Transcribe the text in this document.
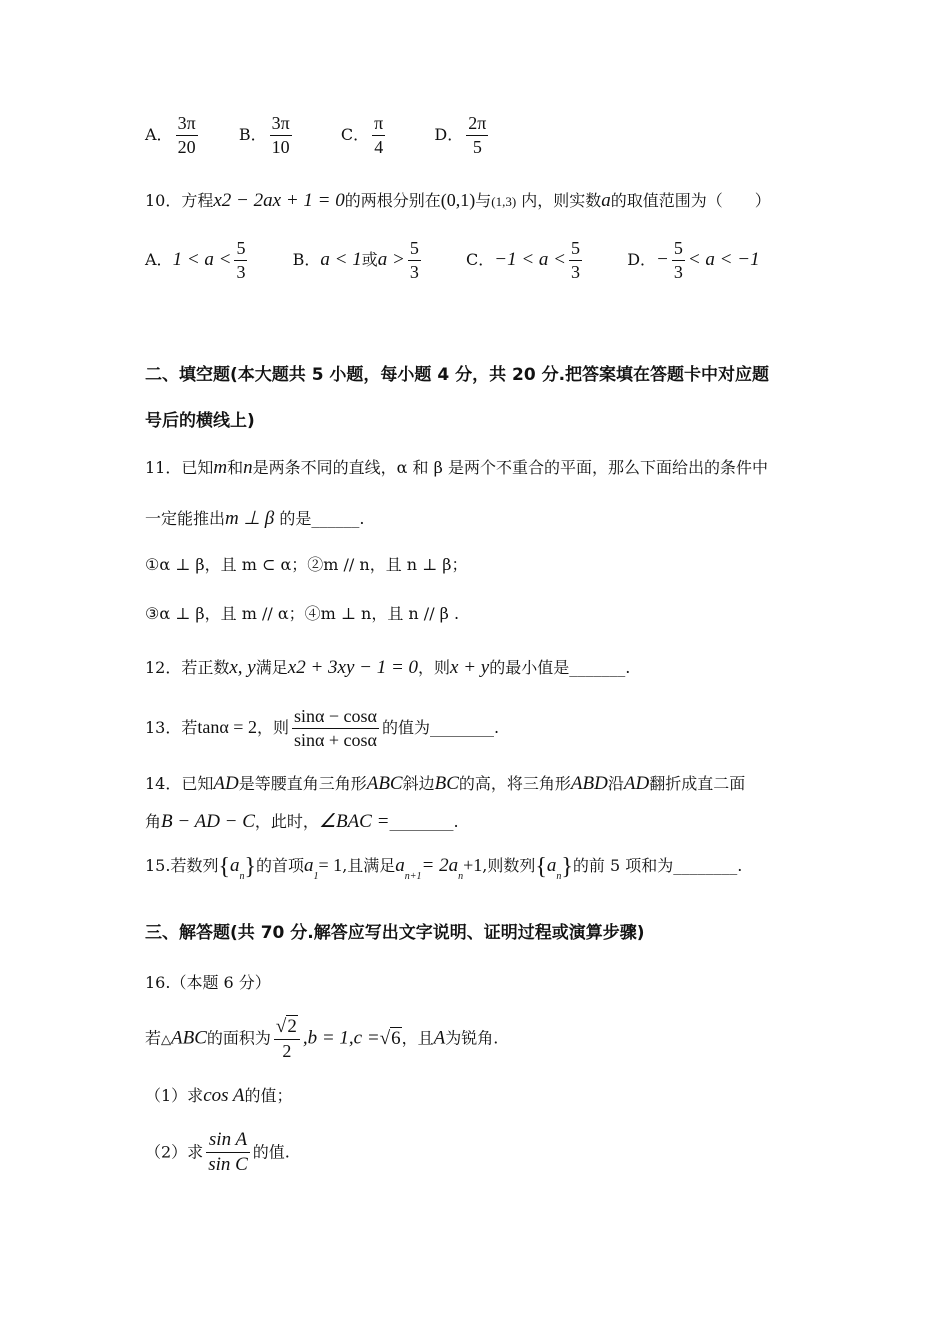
A． $\frac{3\pi}{20}$	B． $\frac{3\pi}{10}$	C． $\frac{\pi}{4}$	D． $\frac{2\pi}{5}$
10．方程x2 − 2ax + 1 = 0的两根分别在(0,1)与(1,3) 内，则实数a的取值范围为（　　）
A．$1 < a < \frac{5}{3}$	B．a < 1或$a > \frac{5}{3}$	C．$-1 < a < \frac{5}{3}$	D．− $\frac{5}{3} < a < -1$
二、填空题(本大题共 5 小题，每小题 4 分，共 20 分.把答案填在答题卡中对应题
号后的横线上)
11．已知m和n是两条不同的直线，α 和 β 是两个不重合的平面，那么下面给出的条件中
一定能推出m ⊥ β 的是______.
①α ⊥ β，且 m ⊂ α；②m // n，且 n ⊥ β；
③α ⊥ β，且 m // α；④m ⊥ n，且 n // β .
12．若正数x, y满足x2 + 3xy − 1 = 0，则x + y的最小值是_______.
13．若tanα = 2，则 $\frac{\sin\alpha - \cos\alpha}{\sin\alpha + \cos\alpha}$ 的值为________.
14．已知AD是等腰直角三角形ABC斜边BC的高，将三角形ABD沿AD翻折成直二面
角B − AD − C，此时，∠BAC =________.
15.若数列$\{a_n\}$的首项$a_1= 1$,且满足$a_{n+1}= 2a_n+1$,则数列$\{a_n\}$的前 5 项和为________.
三、解答题(共 70 分.解答应写出文字说明、证明过程或演算步骤)
16.（本题 6 分）
若△ABC的面积为 $\frac{√2}{2} ,b = 1,c =√6$，且A为锐角.
（1）求cos A的值；
（2）求 $\frac{\text{sin A}}{\text{sin C}}$ 的值.
